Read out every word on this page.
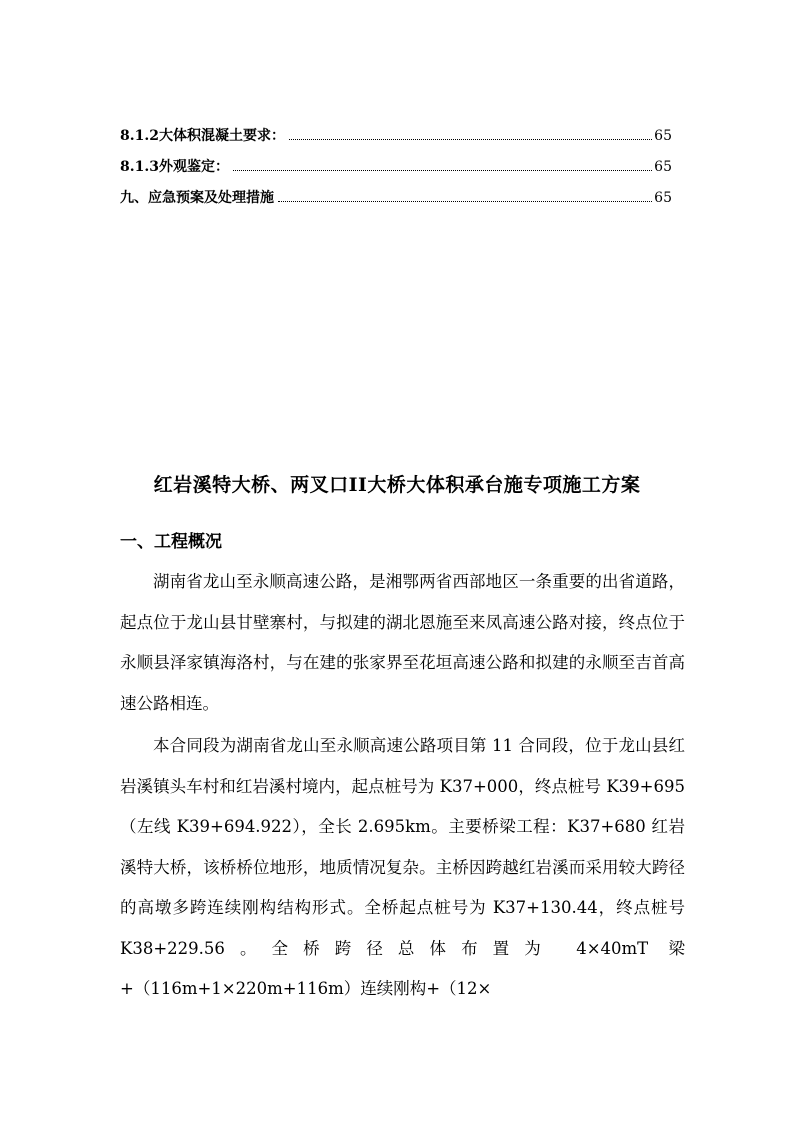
8.1.2大体积混凝土要求：	65
8.1.3外观鉴定：	65
九、应急预案及处理措施	65
红岩溪特大桥、两叉口II大桥大体积承台施专项施工方案
一、工程概况

湖南省龙山至永顺高速公路，是湘鄂两省西部地区一条重要的出省道路，起点位于龙山县甘壁寨村，与拟建的湖北恩施至来凤高速公路对接，终点位于永顺县泽家镇海洛村，与在建的张家界至花垣高速公路和拟建的永顺至吉首高速公路相连。

本合同段为湖南省龙山至永顺高速公路项目第 11 合同段，位于龙山县红岩溪镇头车村和红岩溪村境内，起点桩号为 K37+000，终点桩号 K39+695（左线 K39+694.922），全长 2.695km。主要桥梁工程：K37+680 红岩溪特大桥，该桥桥位地形，地质情况复杂。主桥因跨越红岩溪而采用较大跨径的高墩多跨连续刚构结构形式。全桥起点桩号为 K37+130.44，终点桩号 K38+229.56。全桥跨径总体布置为 4×40mT 梁+（116m+1×220m+116m）连续刚构+（12×
